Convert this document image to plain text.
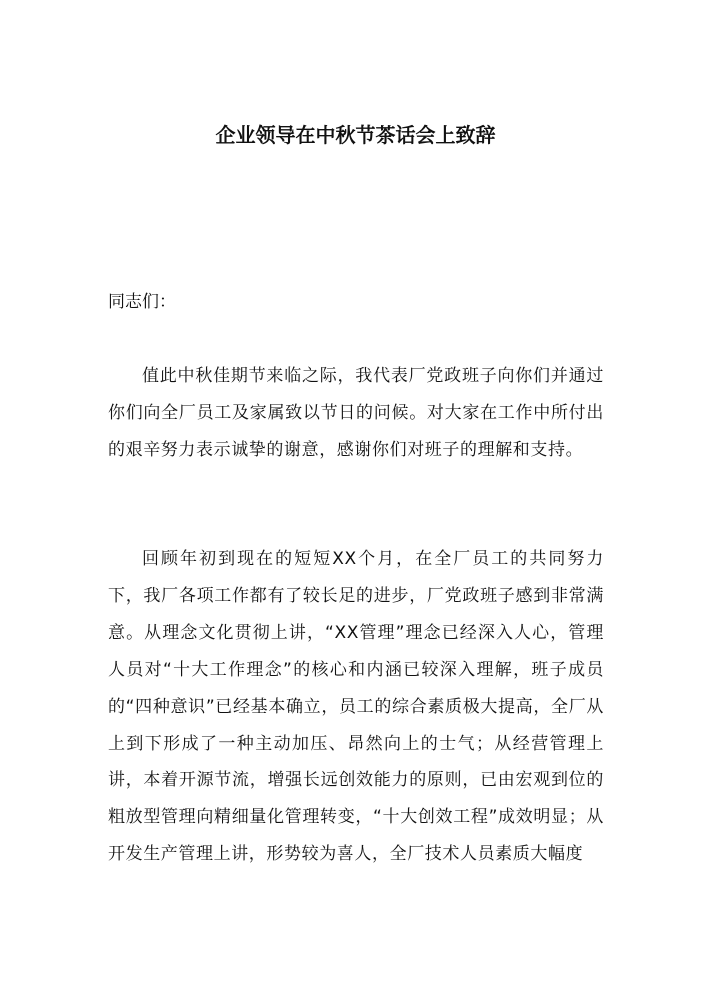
企业领导在中秋节茶话会上致辞

同志们：

值此中秋佳期节来临之际，我代表厂党政班子向你们并通过你们向全厂员工及家属致以节日的问候。对大家在工作中所付出的艰辛努力表示诚挚的谢意，感谢你们对班子的理解和支持。

回顾年初到现在的短短XX个月，在全厂员工的共同努力下，我厂各项工作都有了较长足的进步，厂党政班子感到非常满意。从理念文化贯彻上讲，“XX管理”理念已经深入人心，管理人员对“十大工作理念”的核心和内涵已较深入理解，班子成员的“四种意识”已经基本确立，员工的综合素质极大提高，全厂从上到下形成了一种主动加压、昂然向上的士气；从经营管理上讲，本着开源节流，增强长远创效能力的原则，已由宏观到位的粗放型管理向精细量化管理转变，“十大创效工程”成效明显；从开发生产管理上讲，形势较为喜人，全厂技术人员素质大幅度
